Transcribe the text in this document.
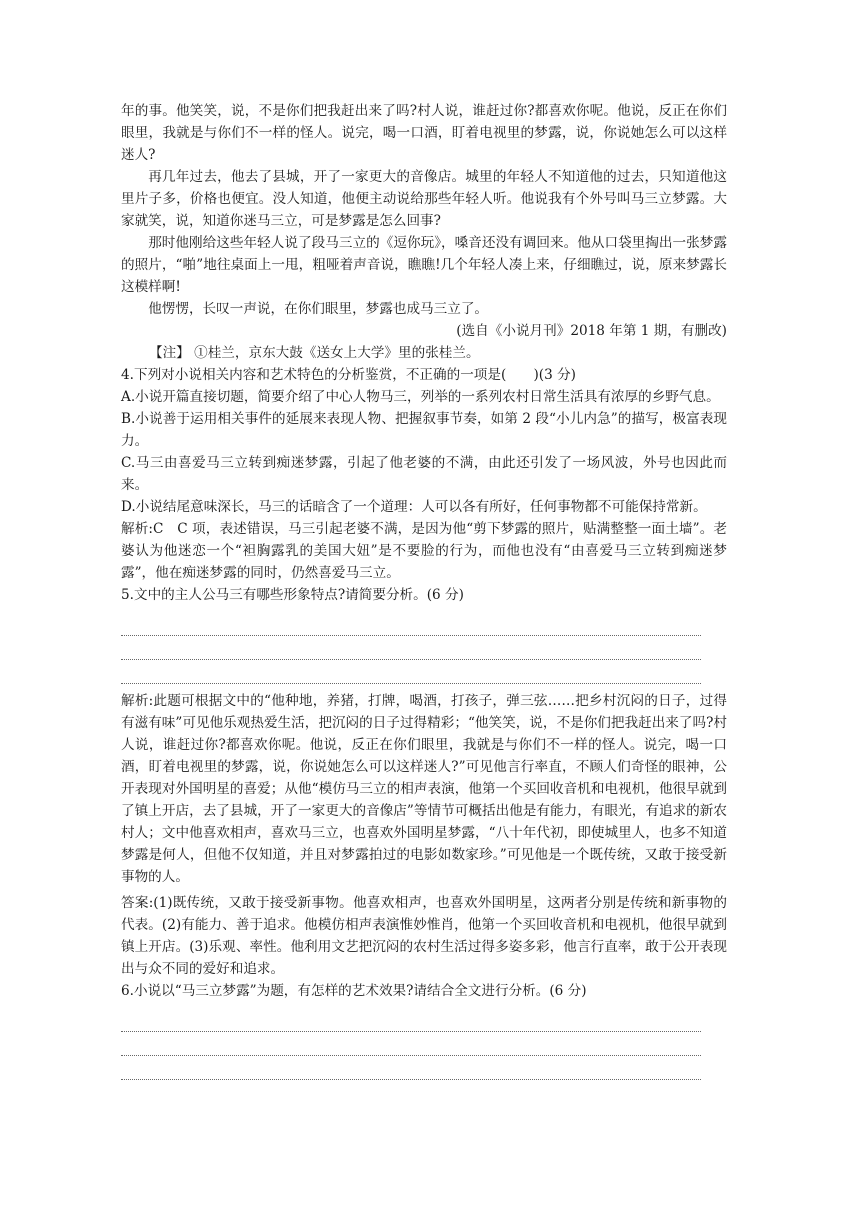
年的事。他笑笑，说，不是你们把我赶出来了吗?村人说，谁赶过你?都喜欢你呢。他说，反正在你们眼里，我就是与你们不一样的怪人。说完，喝一口酒，盯着电视里的梦露，说，你说她怎么可以这样迷人?

再几年过去，他去了县城，开了一家更大的音像店。城里的年轻人不知道他的过去，只知道他这里片子多，价格也便宜。没人知道，他便主动说给那些年轻人听。他说我有个外号叫马三立梦露。大家就笑，说，知道你迷马三立，可是梦露是怎么回事?

那时他刚给这些年轻人说了段马三立的《逗你玩》，嗓音还没有调回来。他从口袋里掏出一张梦露的照片，“啪”地往桌面上一甩，粗哑着声音说，瞧瞧!几个年轻人凑上来，仔细瞧过，说，原来梦露长这模样啊!

他愣愣，长叹一声说，在你们眼里，梦露也成马三立了。

(选自《小说月刊》2018 年第 1 期，有删改)

【注】 ①桂兰，京东大鼓《送女上大学》里的张桂兰。

4.下列对小说相关内容和艺术特色的分析鉴赏，不正确的一项是(　　)(3 分)

A.小说开篇直接切题，简要介绍了中心人物马三，列举的一系列农村日常生活具有浓厚的乡野气息。

B.小说善于运用相关事件的延展来表现人物、把握叙事节奏，如第 2 段“小儿内急”的描写，极富表现力。

C.马三由喜爱马三立转到痴迷梦露，引起了他老婆的不满，由此还引发了一场风波，外号也因此而来。

D.小说结尾意味深长，马三的话暗含了一个道理：人可以各有所好，任何事物都不可能保持常新。

解析:C　C 项，表述错误，马三引起老婆不满，是因为他“剪下梦露的照片，贴满整整一面土墙”。老婆认为他迷恋一个“袒胸露乳的美国大妞”是不要脸的行为，而他也没有“由喜爱马三立转到痴迷梦露”，他在痴迷梦露的同时，仍然喜爱马三立。

5.文中的主人公马三有哪些形象特点?请简要分析。(6 分)

解析:此题可根据文中的“他种地，养猪，打牌，喝酒，打孩子，弹三弦……把乡村沉闷的日子，过得有滋有味”可见他乐观热爱生活，把沉闷的日子过得精彩；“他笑笑，说，不是你们把我赶出来了吗?村人说，谁赶过你?都喜欢你呢。他说，反正在你们眼里，我就是与你们不一样的怪人。说完，喝一口酒，盯着电视里的梦露，说，你说她怎么可以这样迷人?”可见他言行率直，不顾人们奇怪的眼神，公开表现对外国明星的喜爱；从他“模仿马三立的相声表演，他第一个买回收音机和电视机，他很早就到了镇上开店，去了县城，开了一家更大的音像店”等情节可概括出他是有能力，有眼光，有追求的新农村人；文中他喜欢相声，喜欢马三立，也喜欢外国明星梦露，“八十年代初，即使城里人，也多不知道梦露是何人，但他不仅知道，并且对梦露拍过的电影如数家珍。”可见他是一个既传统，又敢于接受新事物的人。

答案:(1)既传统，又敢于接受新事物。他喜欢相声，也喜欢外国明星，这两者分别是传统和新事物的代表。(2)有能力、善于追求。他模仿相声表演惟妙惟肖，他第一个买回收音机和电视机，他很早就到镇上开店。(3)乐观、率性。他利用文艺把沉闷的农村生活过得多姿多彩，他言行直率，敢于公开表现出与众不同的爱好和追求。

6.小说以“马三立梦露”为题，有怎样的艺术效果?请结合全文进行分析。(6 分)
